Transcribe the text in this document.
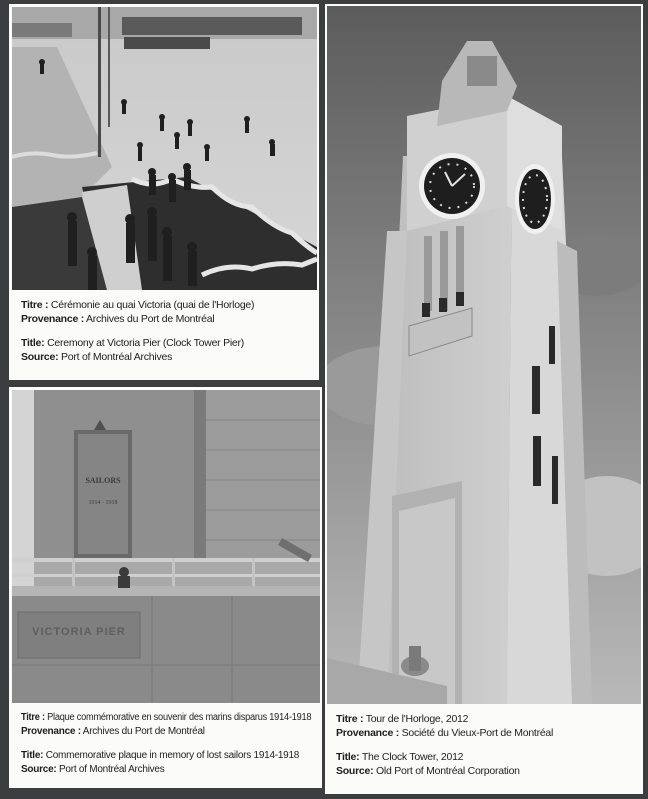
Titre : Cérémonie au quai Victoria (quai de l'Horloge)
Provenance : Archives du Port de Montréal
Title: Ceremony at Victoria Pier (Clock Tower Pier)
Source: Port of Montréal Archives
SAILORS
1914 · 1918
VICTORIA PIER
Titre : Plaque commémorative en souvenir des marins disparus 1914-1918
Provenance : Archives du Port de Montréal
Title: Commemorative plaque in memory of lost sailors 1914-1918
Source: Port of Montréal Archives
Titre : Tour de l'Horloge, 2012
Provenance : Société du Vieux-Port de Montréal
Title: The Clock Tower, 2012
Source: Old Port of Montréal Corporation
